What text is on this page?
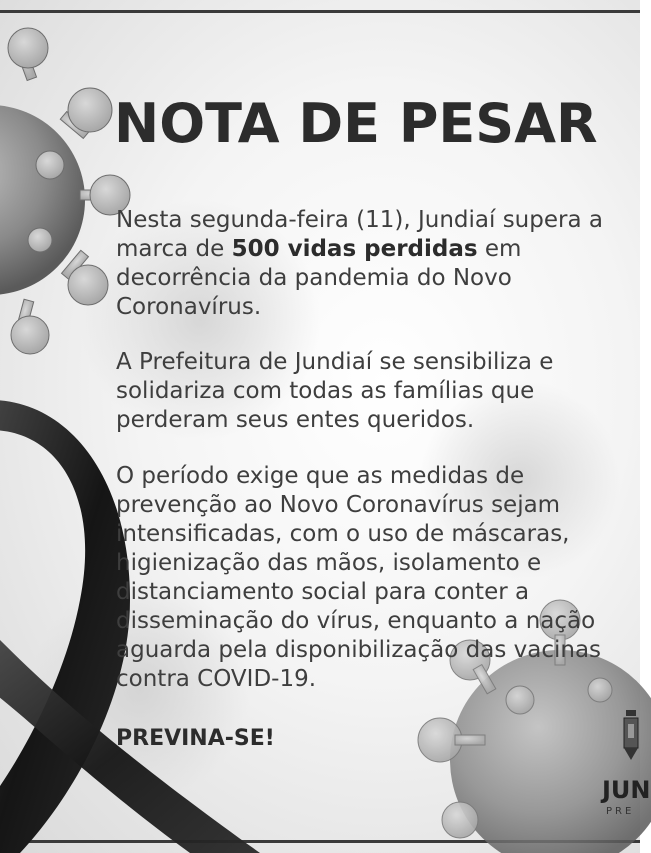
NOTA DE PESAR

Nesta segunda-feira (11), Jundiaí supera a marca de 500 vidas perdidas em decorrência da pandemia do Novo Coronavírus.

A Prefeitura de Jundiaí se sensibiliza e solidariza com todas as famílias que perderam seus entes queridos.

O período exige que as medidas de prevenção ao Novo Coronavírus sejam intensificadas, com o uso de máscaras, higienização das mãos, isolamento e distanciamento social para conter a disseminação do vírus, enquanto a nação aguarda pela disponibilização das vacinas contra COVID-19.

PREVINA-SE!

JUN
PRE
